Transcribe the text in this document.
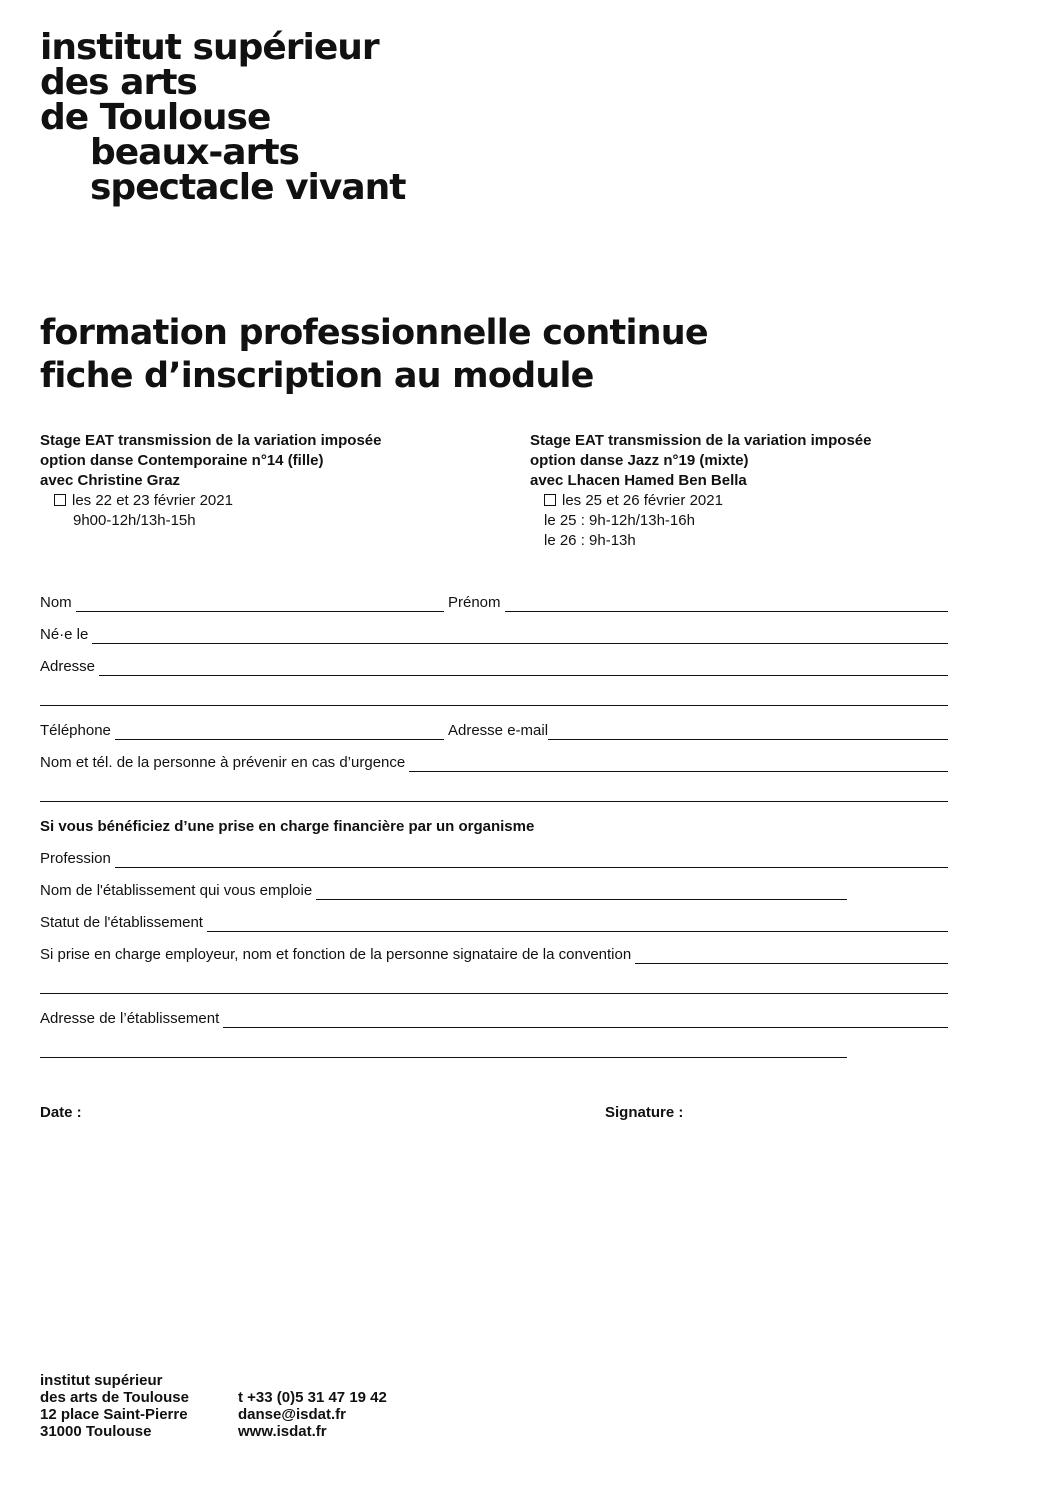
institut supérieur
des arts
de Toulouse
beaux-arts
spectacle vivant
formation professionnelle continue
fiche d’inscription au module
Stage EAT transmission de la variation imposée
option danse Contemporaine n°14 (fille)
avec Christine Graz
les 22 et 23 février 2021
9h00-12h/13h-15h
Stage EAT transmission de la variation imposée
option danse Jazz n°19 (mixte)
avec Lhacen Hamed Ben Bella
les 25 et 26 février 2021
le 25 : 9h-12h/13h-16h
le 26 : 9h-13h
Nom	Prénom
Né·e le
Adresse
Téléphone	Adresse e-mail
Nom et tél. de la personne à prévenir en cas d’urgence
Si vous bénéficiez d’une prise en charge financière par un organisme
Profession
Nom de l'établissement qui vous emploie
Statut de l'établissement
Si prise en charge employeur, nom et fonction de la personne signataire de la convention
Adresse de l’établissement
Date :	Signature :
institut supérieur
des arts de Toulouse
12 place Saint-Pierre
31000 Toulouse
t +33 (0)5 31 47 19 42
danse@isdat.fr
www.isdat.fr
